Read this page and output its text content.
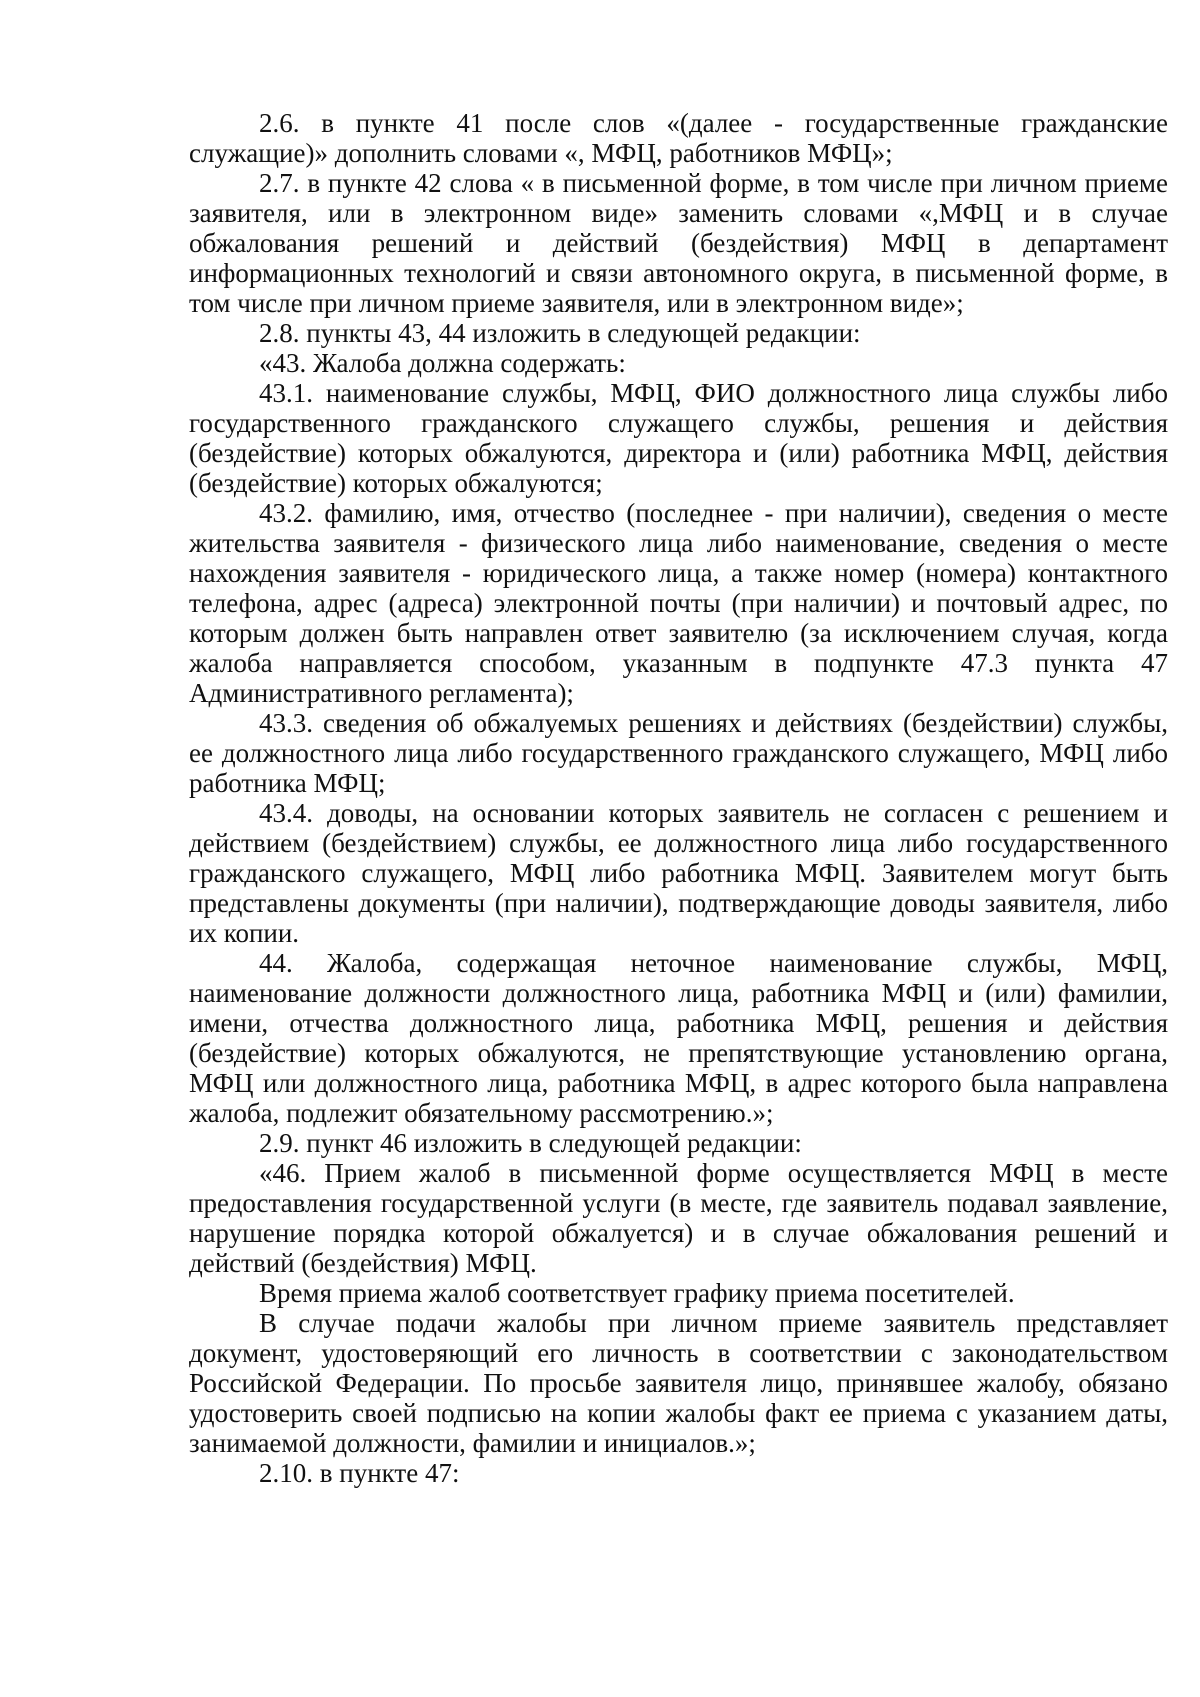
2.6. в пункте 41 после слов «(далее - государственные гражданские служащие)» дополнить словами «, МФЦ, работников МФЦ»;

2.7. в пункте 42 слова « в письменной форме, в том числе при личном приеме заявителя, или в электронном виде» заменить словами «,МФЦ и в случае обжалования решений и действий (бездействия) МФЦ в департамент информационных технологий и связи автономного округа, в письменной форме, в том числе при личном приеме заявителя, или в электронном виде»;

2.8. пункты 43, 44 изложить в следующей редакции:

«43. Жалоба должна содержать:

43.1. наименование службы, МФЦ, ФИО должностного лица службы либо государственного гражданского служащего службы, решения и действия (бездействие) которых обжалуются, директора и (или) работника МФЦ, действия (бездействие) которых обжалуются;

43.2. фамилию, имя, отчество (последнее - при наличии), сведения о месте жительства заявителя - физического лица либо наименование, сведения о месте нахождения заявителя - юридического лица, а также номер (номера) контактного телефона, адрес (адреса) электронной почты (при наличии) и почтовый адрес, по которым должен быть направлен ответ заявителю (за исключением случая, когда жалоба направляется способом, указанным в подпункте 47.3 пункта 47 Административного регламента);

43.3. сведения об обжалуемых решениях и действиях (бездействии) службы, ее должностного лица либо государственного гражданского служащего, МФЦ либо работника МФЦ;

43.4. доводы, на основании которых заявитель не согласен с решением и действием (бездействием) службы, ее должностного лица либо государственного гражданского служащего, МФЦ либо работника МФЦ. Заявителем могут быть представлены документы (при наличии), подтверждающие доводы заявителя, либо их копии.

44. Жалоба, содержащая неточное наименование службы, МФЦ, наименование должности должностного лица, работника МФЦ и (или) фамилии, имени, отчества должностного лица, работника МФЦ, решения и действия (бездействие) которых обжалуются, не препятствующие установлению органа, МФЦ или должностного лица, работника МФЦ, в адрес которого была направлена жалоба, подлежит обязательному рассмотрению.»;

2.9. пункт 46 изложить в следующей редакции:

«46. Прием жалоб в письменной форме осуществляется МФЦ в месте предоставления государственной услуги (в месте, где заявитель подавал заявление, нарушение порядка которой обжалуется) и в случае обжалования решений и действий (бездействия) МФЦ.

Время приема жалоб соответствует графику приема посетителей.

В случае подачи жалобы при личном приеме заявитель представляет документ, удостоверяющий его личность в соответствии с законодательством Российской Федерации. По просьбе заявителя лицо, принявшее жалобу, обязано удостоверить своей подписью на копии жалобы факт ее приема с указанием даты, занимаемой должности, фамилии и инициалов.»;

2.10. в пункте 47:
